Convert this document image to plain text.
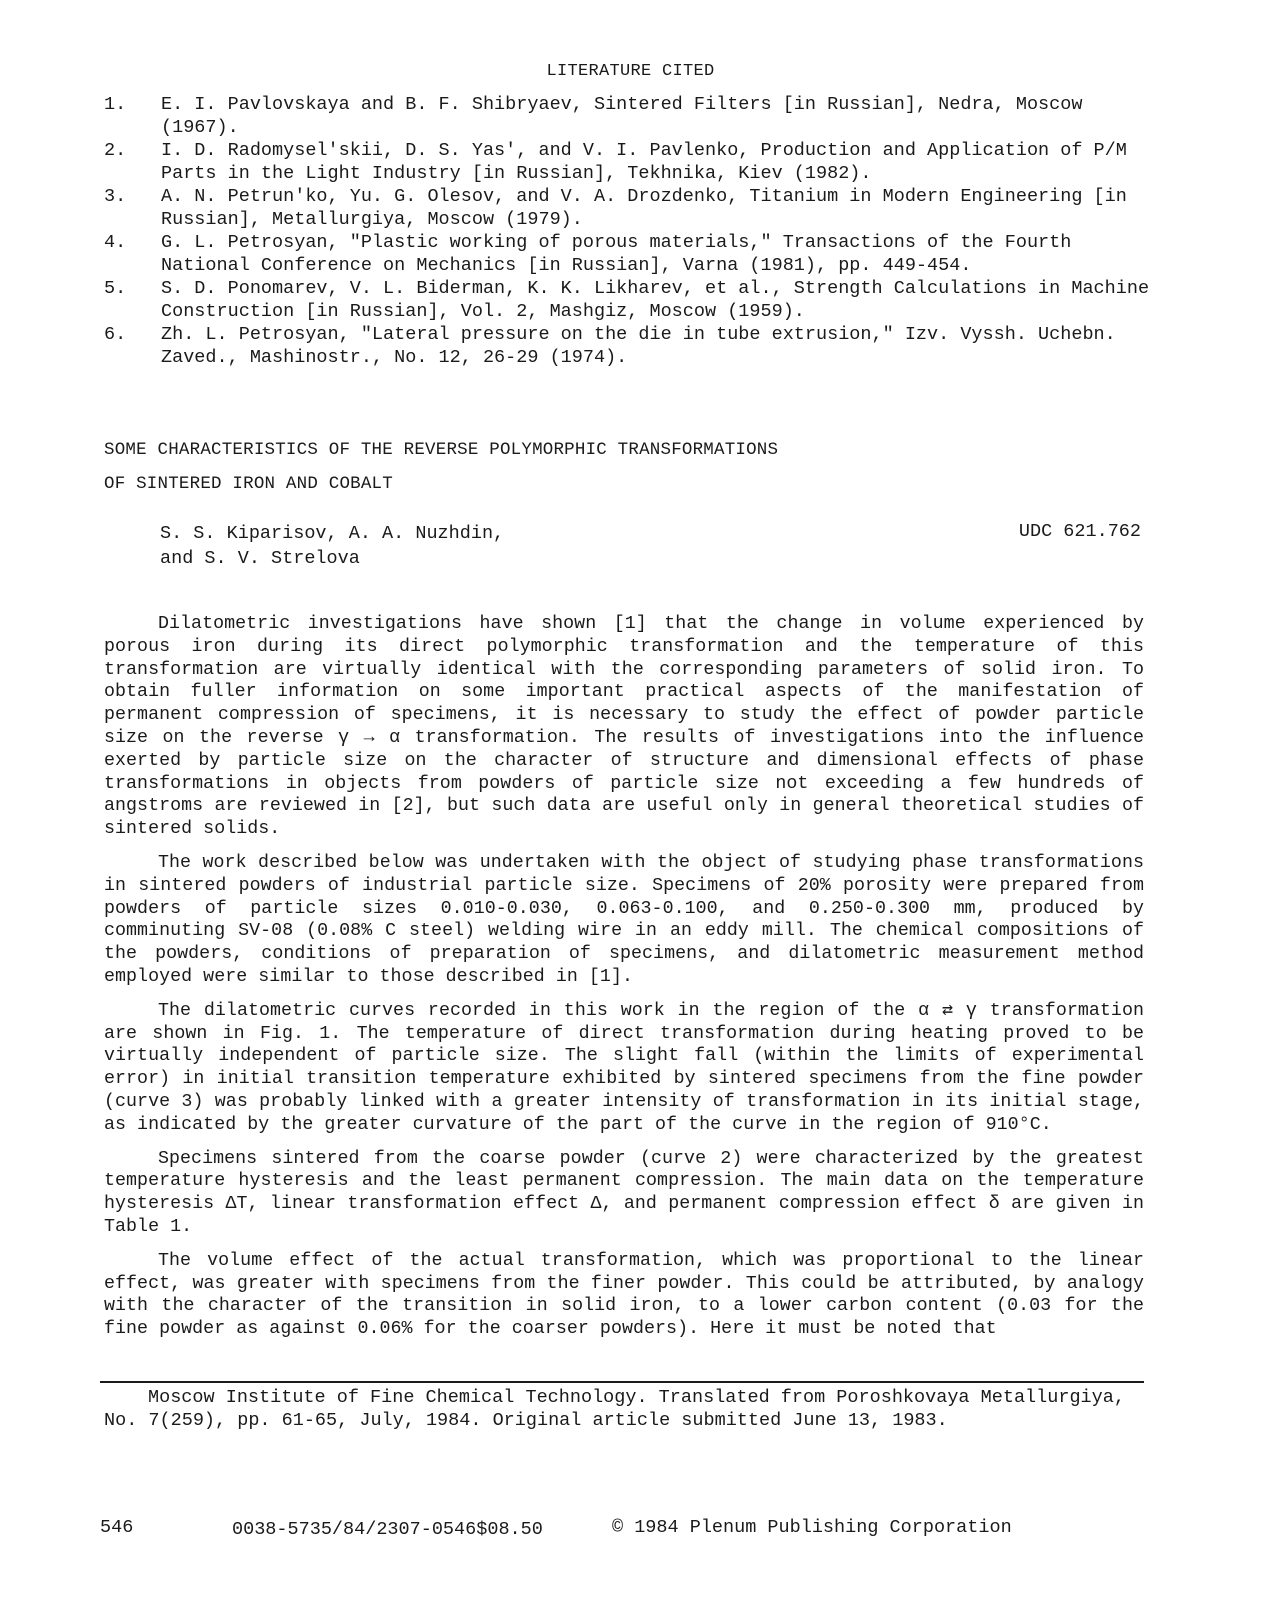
LITERATURE CITED
1. E. I. Pavlovskaya and B. F. Shibryaev, Sintered Filters [in Russian], Nedra, Moscow (1967).
2. I. D. Radomysel'skii, D. S. Yas', and V. I. Pavlenko, Production and Application of P/M Parts in the Light Industry [in Russian], Tekhnika, Kiev (1982).
3. A. N. Petrun'ko, Yu. G. Olesov, and V. A. Drozdenko, Titanium in Modern Engineering [in Russian], Metallurgiya, Moscow (1979).
4. G. L. Petrosyan, "Plastic working of porous materials," Transactions of the Fourth National Conference on Mechanics [in Russian], Varna (1981), pp. 449-454.
5. S. D. Ponomarev, V. L. Biderman, K. K. Likharev, et al., Strength Calculations in Machine Construction [in Russian], Vol. 2, Mashgiz, Moscow (1959).
6. Zh. L. Petrosyan, "Lateral pressure on the die in tube extrusion," Izv. Vyssh. Uchebn. Zaved., Mashinostr., No. 12, 26-29 (1974).
SOME CHARACTERISTICS OF THE REVERSE POLYMORPHIC TRANSFORMATIONS
OF SINTERED IRON AND COBALT
S. S. Kiparisov, A. A. Nuzhdin,
and S. V. Strelova
UDC 621.762

Dilatometric investigations have shown [1] that the change in volume experienced by porous iron during its direct polymorphic transformation and the temperature of this transformation are virtually identical with the corresponding parameters of solid iron. To obtain fuller information on some important practical aspects of the manifestation of permanent compression of specimens, it is necessary to study the effect of powder particle size on the reverse γ → α transformation. The results of investigations into the influence exerted by particle size on the character of structure and dimensional effects of phase transformations in objects from powders of particle size not exceeding a few hundreds of angstroms are reviewed in [2], but such data are useful only in general theoretical studies of sintered solids.

The work described below was undertaken with the object of studying phase transformations in sintered powders of industrial particle size. Specimens of 20% porosity were prepared from powders of particle sizes 0.010-0.030, 0.063-0.100, and 0.250-0.300 mm, produced by comminuting SV-08 (0.08% C steel) welding wire in an eddy mill. The chemical compositions of the powders, conditions of preparation of specimens, and dilatometric measurement method employed were similar to those described in [1].

The dilatometric curves recorded in this work in the region of the α ⇄ γ transformation are shown in Fig. 1. The temperature of direct transformation during heating proved to be virtually independent of particle size. The slight fall (within the limits of experimental error) in initial transition temperature exhibited by sintered specimens from the fine powder (curve 3) was probably linked with a greater intensity of transformation in its initial stage, as indicated by the greater curvature of the part of the curve in the region of 910°C.

Specimens sintered from the coarse powder (curve 2) were characterized by the greatest temperature hysteresis and the least permanent compression. The main data on the temperature hysteresis ΔT, linear transformation effect Δ, and permanent compression effect δ are given in Table 1.

The volume effect of the actual transformation, which was proportional to the linear effect, was greater with specimens from the finer powder. This could be attributed, by analogy with the character of the transition in solid iron, to a lower carbon content (0.03 for the fine powder as against 0.06% for the coarser powders). Here it must be noted that

Moscow Institute of Fine Chemical Technology. Translated from Poroshkovaya Metallurgiya, No. 7(259), pp. 61-65, July, 1984. Original article submitted June 13, 1983.

546	0038-5735/84/2307-0546$08.50	© 1984 Plenum Publishing Corporation
